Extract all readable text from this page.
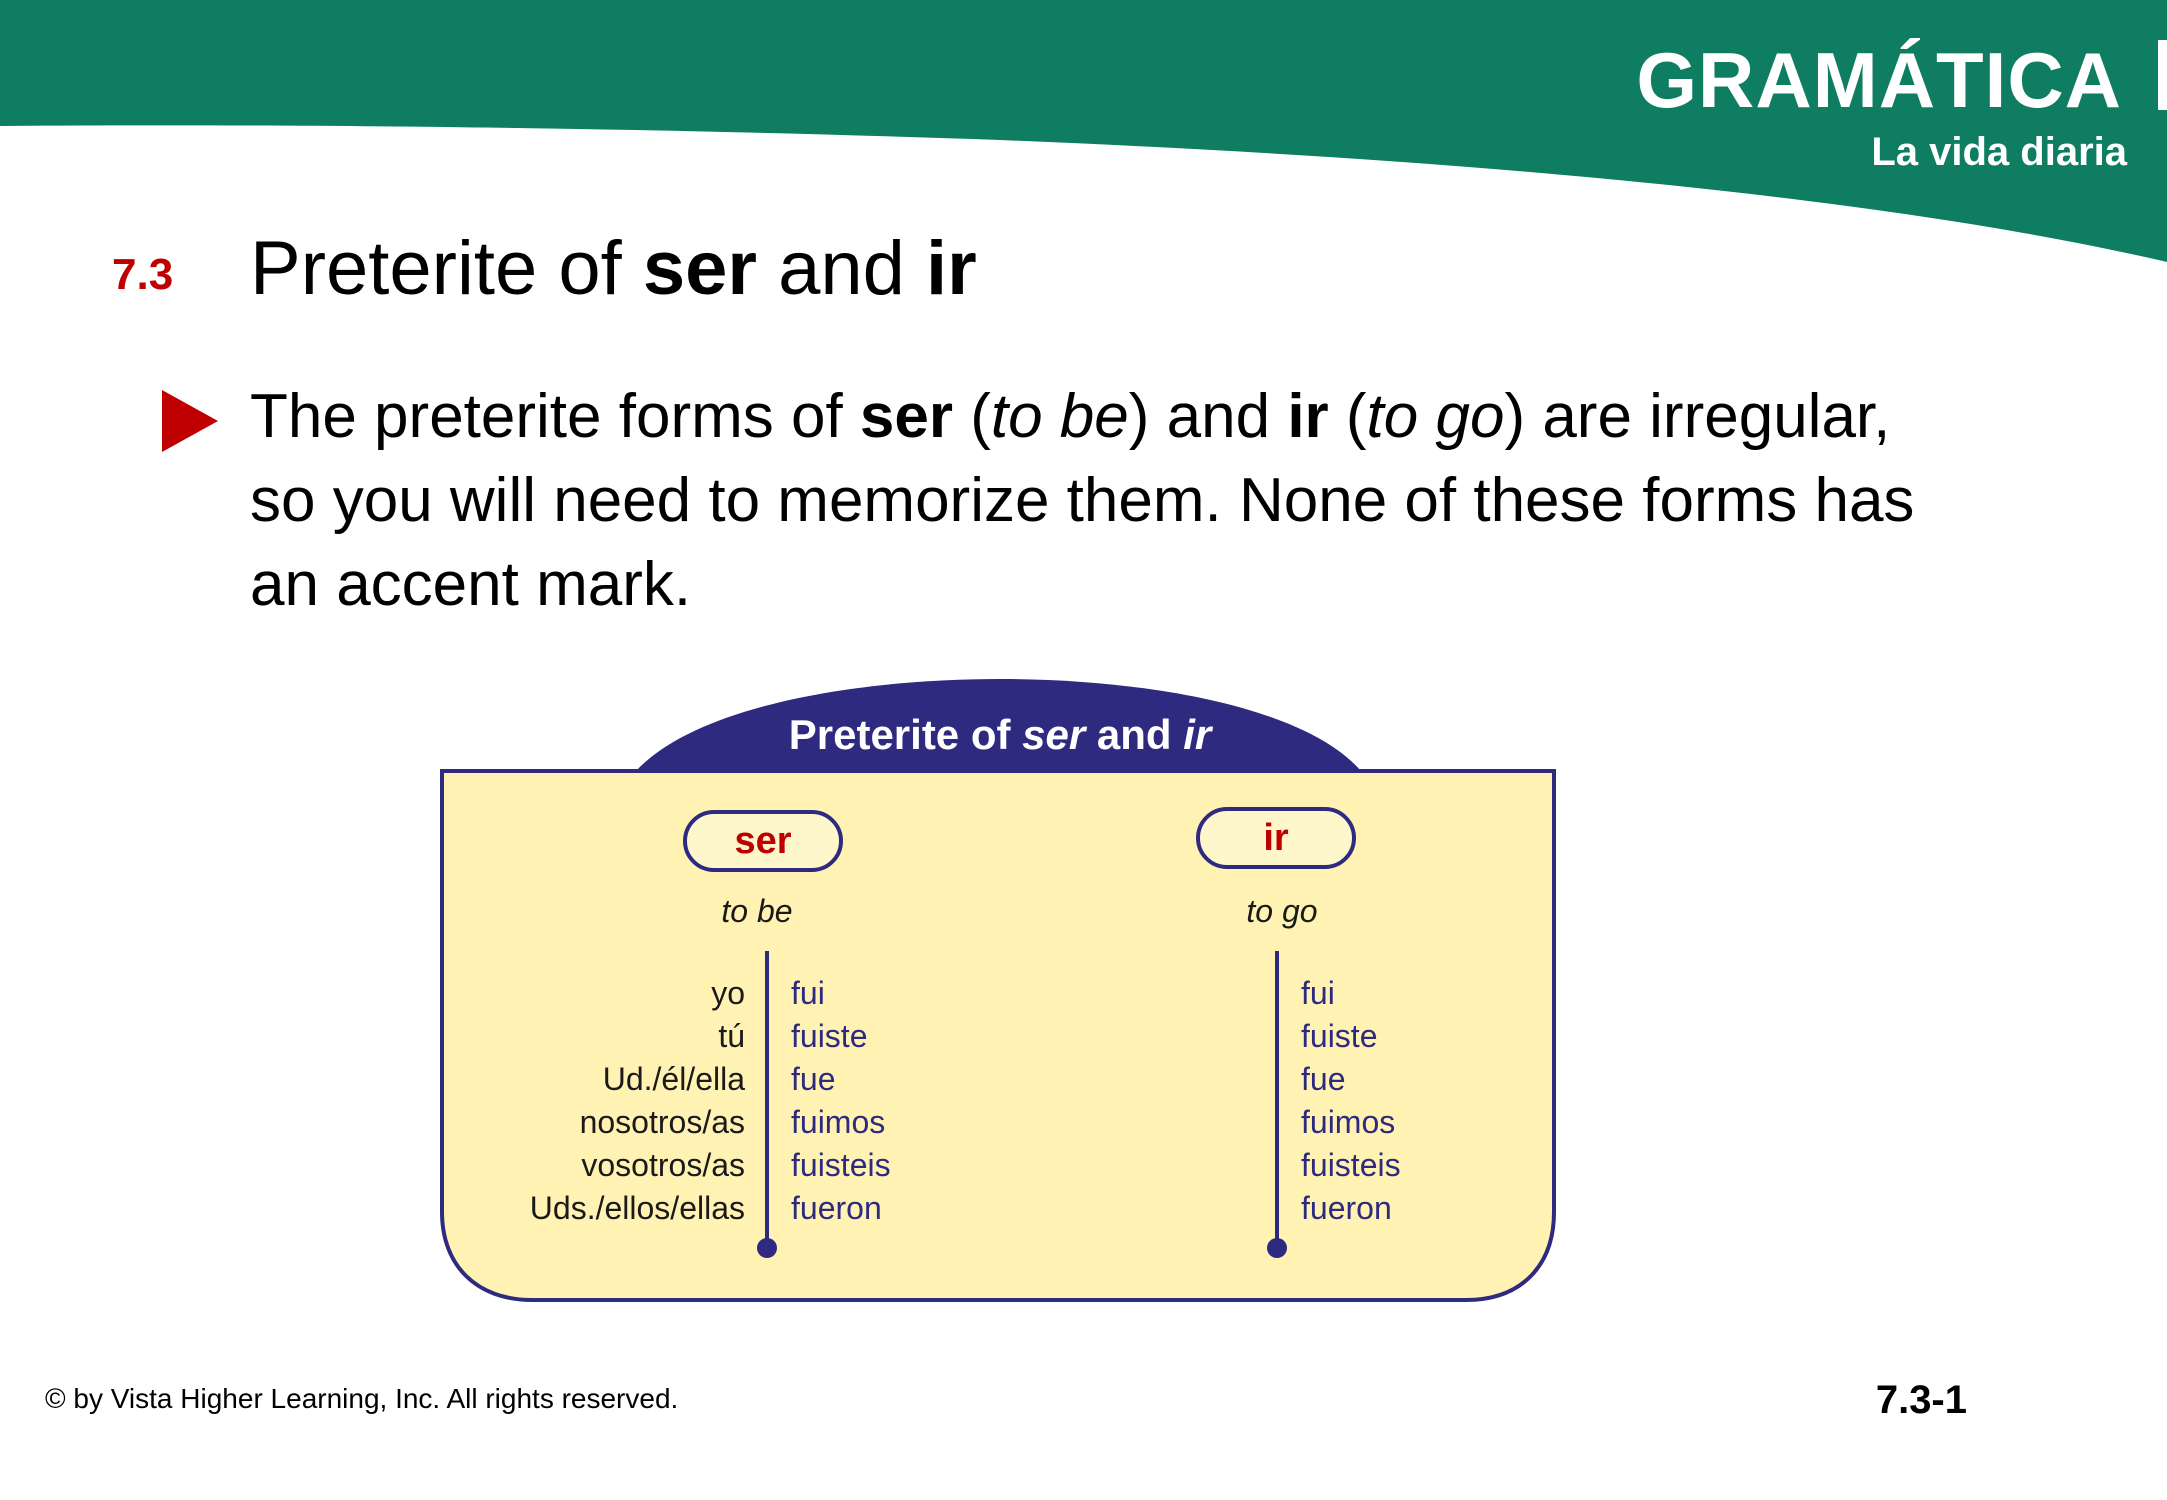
GRAMÁTICA
La vida diaria
7.3 Preterite of ser and ir
The preterite forms of ser (to be) and ir (to go) are irregular, so you will need to memorize them. None of these forms has an accent mark.
Preterite of ser and ir
ser
to be
ir
to go
yo
tú
Ud./él/ella
nosotros/as
vosotros/as
Uds./ellos/ellas
fui
fuiste
fue
fuimos
fuisteis
fueron
fui
fuiste
fue
fuimos
fuisteis
fueron
© by Vista Higher Learning, Inc. All rights reserved.	7.3-1
